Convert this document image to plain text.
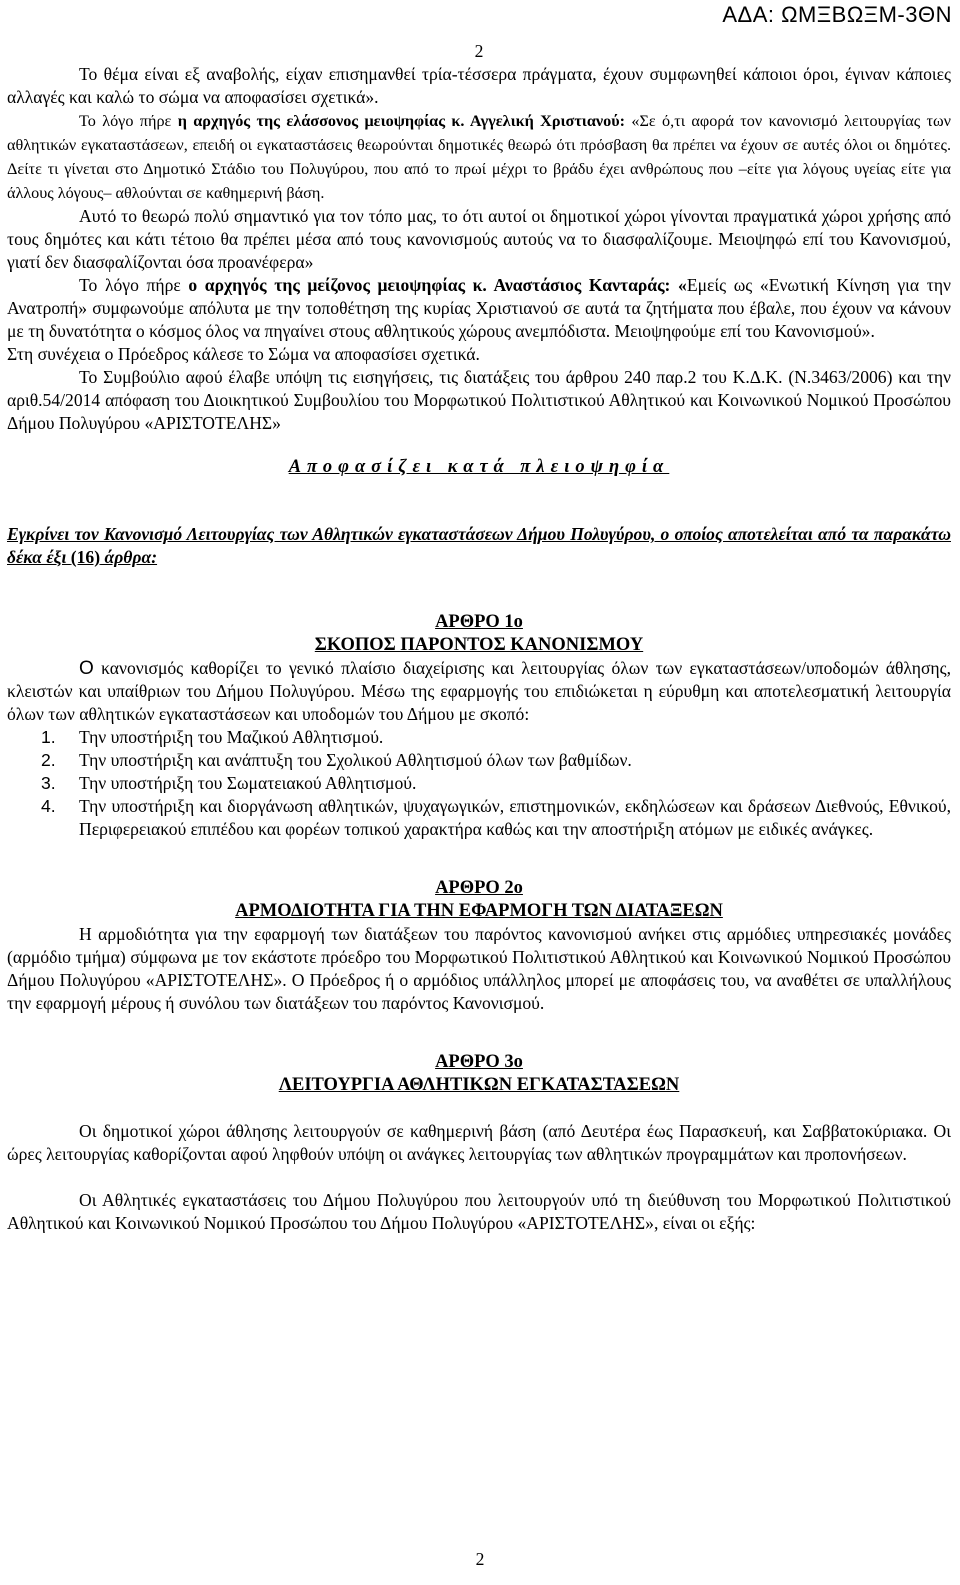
ΑΔΑ: ΩΜΞΒΩΞΜ-3ΘΝ
2

Το θέμα είναι εξ αναβολής, είχαν επισημανθεί τρία-τέσσερα πράγματα, έχουν συμφωνηθεί κάποιοι όροι, έγιναν κάποιες αλλαγές και καλώ το σώμα να αποφασίσει σχετικά».

Το λόγο πήρε η αρχηγός της ελάσσονος μειοψηφίας κ. Αγγελική Χριστιανού: «Σε ό,τι αφορά τον κανονισμό λειτουργίας των αθλητικών εγκαταστάσεων, επειδή οι εγκαταστάσεις θεωρούνται δημοτικές θεωρώ ότι πρόσβαση θα πρέπει να έχουν σε αυτές όλοι οι δημότες. Δείτε τι γίνεται στο Δημοτικό Στάδιο του Πολυγύρου, που από το πρωί μέχρι το βράδυ έχει ανθρώπους που –είτε για λόγους υγείας είτε για άλλους λόγους– αθλούνται σε καθημερινή βάση.

Αυτό το θεωρώ πολύ σημαντικό για τον τόπο μας, το ότι αυτοί οι δημοτικοί χώροι γίνονται πραγματικά χώροι χρήσης από τους δημότες και κάτι τέτοιο θα πρέπει μέσα από τους κανονισμούς αυτούς να το διασφαλίζουμε. Μειοψηφώ επί του Κανονισμού, γιατί δεν διασφαλίζονται όσα προανέφερα»

Το λόγο πήρε ο αρχηγός της μείζονος μειοψηφίας κ. Αναστάσιος Κανταράς: «Εμείς ως «Ενωτική Κίνηση για την Ανατροπή» συμφωνούμε απόλυτα με την τοποθέτηση της κυρίας Χριστιανού σε αυτά τα ζητήματα που έβαλε, που έχουν να κάνουν με τη δυνατότητα ο κόσμος όλος να πηγαίνει στους αθλητικούς χώρους ανεμπόδιστα. Μειοψηφούμε επί του Κανονισμού».

Στη συνέχεια ο Πρόεδρος κάλεσε το Σώμα να αποφασίσει σχετικά.

Το Συμβούλιο αφού έλαβε υπόψη τις εισηγήσεις, τις διατάξεις του άρθρου 240 παρ.2 του Κ.Δ.Κ. (Ν.3463/2006) και την αριθ.54/2014 απόφαση του Διοικητικού Συμβουλίου του Μορφωτικού Πολιτιστικού Αθλητικού και Κοινωνικού Νομικού Προσώπου Δήμου Πολυγύρου «ΑΡΙΣΤΟΤΕΛΗΣ»

Αποφασίζει κατά πλειοψηφία

Εγκρίνει τον Κανονισμό Λειτουργίας των Αθλητικών εγκαταστάσεων Δήμου Πολυγύρου, ο οποίος αποτελείται από τα παρακάτω δέκα έξι (16) άρθρα:

ΑΡΘΡΟ 1ο

ΣΚΟΠΟΣ ΠΑΡΟΝΤΟΣ ΚΑΝΟΝΙΣΜΟΥ

Ο κανονισμός καθορίζει το γενικό πλαίσιο διαχείρισης και λειτουργίας όλων των εγκαταστάσεων/υποδομών άθλησης, κλειστών και υπαίθριων του Δήμου Πολυγύρου. Μέσω της εφαρμογής του επιδιώκεται η εύρυθμη και αποτελεσματική λειτουργία όλων των αθλητικών εγκαταστάσεων και υποδομών του Δήμου με σκοπό:

1. Την υποστήριξη του Μαζικού Αθλητισμού.
2. Την υποστήριξη και ανάπτυξη του Σχολικού Αθλητισμού όλων των βαθμίδων.
3. Την υποστήριξη του Σωματειακού Αθλητισμού.
4. Την υποστήριξη και διοργάνωση αθλητικών, ψυχαγωγικών, επιστημονικών, εκδηλώσεων και δράσεων Διεθνούς, Εθνικού, Περιφερειακού επιπέδου και φορέων τοπικού χαρακτήρα καθώς και την αποστήριξη ατόμων με ειδικές ανάγκες.

ΑΡΘΡΟ 2ο

ΑΡΜΟΔΙΟΤΗΤΑ ΓΙΑ ΤΗΝ ΕΦΑΡΜΟΓΗ ΤΩΝ ΔΙΑΤΑΞΕΩΝ

Η αρμοδιότητα για την εφαρμογή των διατάξεων του παρόντος κανονισμού ανήκει στις αρμόδιες υπηρεσιακές μονάδες (αρμόδιο τμήμα) σύμφωνα με τον εκάστοτε πρόεδρο του Μορφωτικού Πολιτιστικού Αθλητικού και Κοινωνικού Νομικού Προσώπου Δήμου Πολυγύρου «ΑΡΙΣΤΟΤΕΛΗΣ». Ο Πρόεδρος ή ο αρμόδιος υπάλληλος μπορεί με αποφάσεις του, να αναθέτει σε υπαλλήλους την εφαρμογή μέρους ή συνόλου των διατάξεων του παρόντος Κανονισμού.

ΑΡΘΡΟ 3ο

ΛΕΙΤΟΥΡΓΙΑ ΑΘΛΗΤΙΚΩΝ ΕΓΚΑΤΑΣΤΑΣΕΩΝ

Οι δημοτικοί χώροι άθλησης λειτουργούν σε καθημερινή βάση (από Δευτέρα έως Παρασκευή, και Σαββατοκύριακα. Οι ώρες λειτουργίας καθορίζονται αφού ληφθούν υπόψη οι ανάγκες λειτουργίας των αθλητικών προγραμμάτων και προπονήσεων.

Οι Αθλητικές εγκαταστάσεις του Δήμου Πολυγύρου που λειτουργούν υπό τη διεύθυνση του Μορφωτικού Πολιτιστικού Αθλητικού και Κοινωνικού Νομικού Προσώπου του Δήμου Πολυγύρου «ΑΡΙΣΤΟΤΕΛΗΣ», είναι οι εξής:

2
